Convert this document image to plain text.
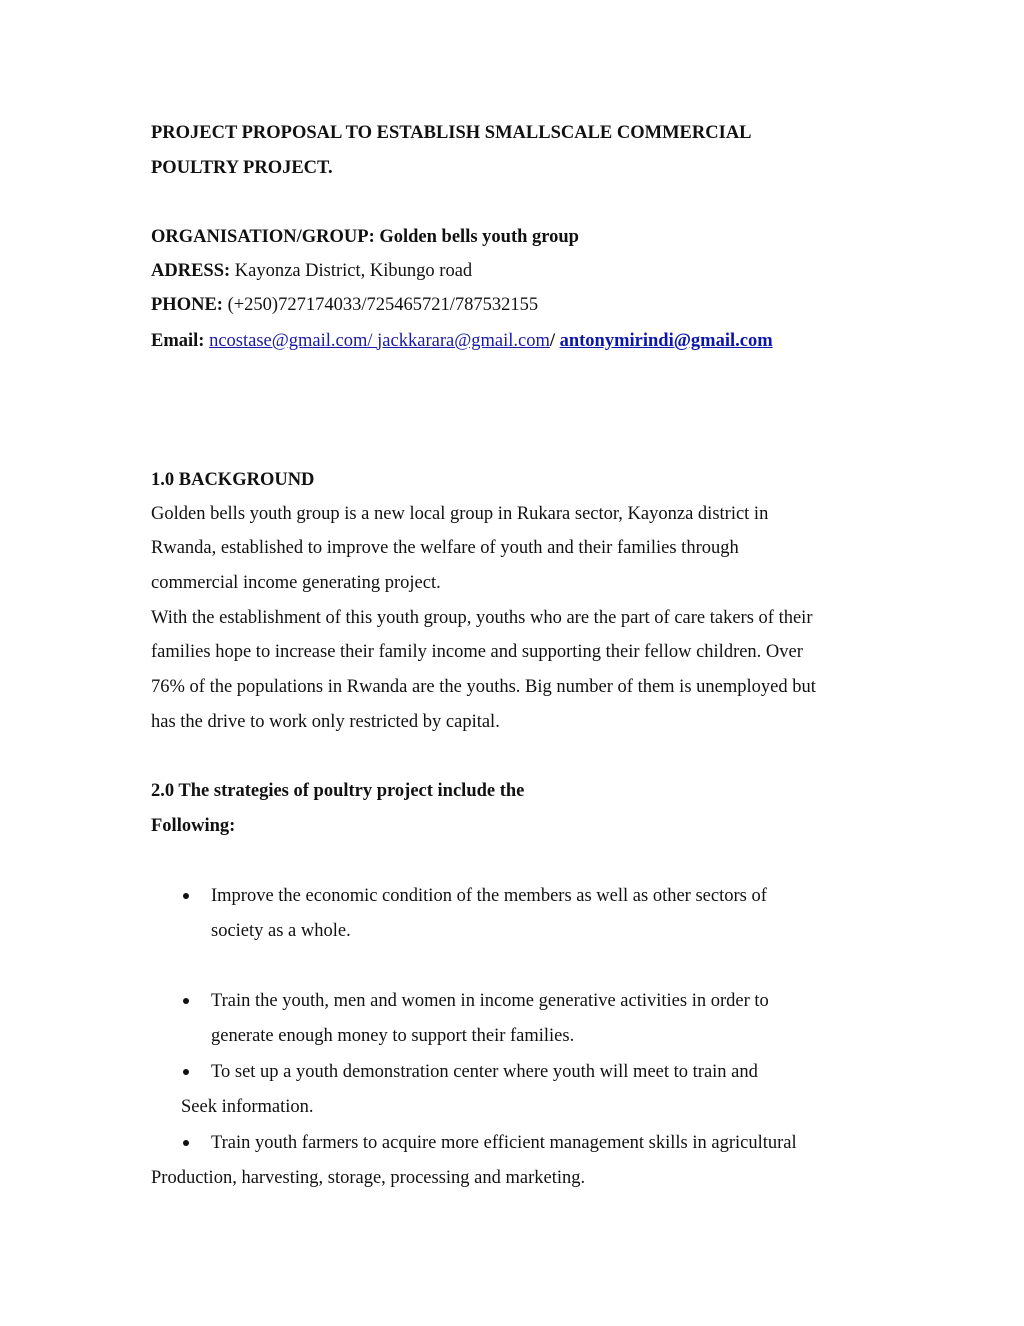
PROJECT PROPOSAL TO ESTABLISH SMALLSCALE COMMERCIAL
POULTRY PROJECT.
ORGANISATION/GROUP: Golden bells youth group
ADRESS: Kayonza District, Kibungo road
PHONE: (+250)727174033/725465721/787532155
Email: ncostase@gmail.com/ jackkarara@gmail.com/ antonymirindi@gmail.com
1.0 BACKGROUND
Golden bells youth group is a new local group in Rukara sector, Kayonza district in
Rwanda, established to improve the welfare of youth and their families through
commercial income generating project.
With the establishment of this youth group, youths who are the part of care takers of their
families hope to increase their family income and supporting their fellow children. Over
76% of the populations in Rwanda are the youths. Big number of them is unemployed but
has the drive to work only restricted by capital.
2.0 The strategies of poultry project include the
Following:
Improve the economic condition of the members as well as other sectors of
society as a whole.
Train the youth, men and women in income generative activities in order to
generate enough money to support their families.
To set up a youth demonstration center where youth will meet to train and
Seek information.
Train youth farmers to acquire more efficient management skills in agricultural
Production, harvesting, storage, processing and marketing.
